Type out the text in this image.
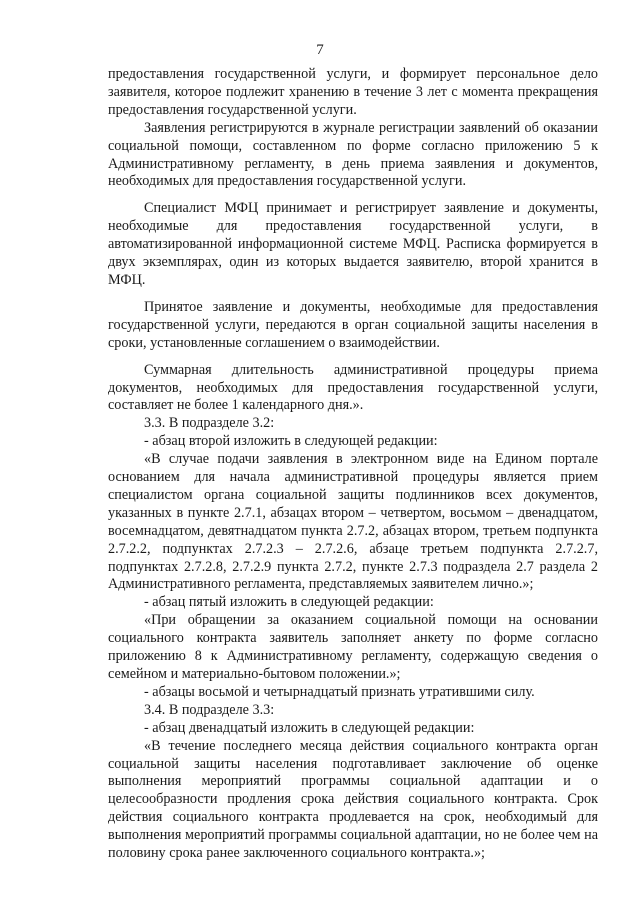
7

предоставления государственной услуги, и формирует персональное дело заявителя, которое подлежит хранению в течение 3 лет с момента прекращения предоставления государственной услуги.

Заявления регистрируются в журнале регистрации заявлений об оказании социальной помощи, составленном по форме согласно приложению 5 к Административному регламенту, в день приема заявления и документов, необходимых для предоставления государственной услуги.

Специалист МФЦ принимает и регистрирует заявление и документы, необходимые для предоставления государственной услуги, в автоматизированной информационной системе МФЦ. Расписка формируется в двух экземплярах, один из которых выдается заявителю, второй хранится в МФЦ.

Принятое заявление и документы, необходимые для предоставления государственной услуги, передаются в орган социальной защиты населения в сроки, установленные соглашением о взаимодействии.

Суммарная длительность административной процедуры приема документов, необходимых для предоставления государственной услуги, составляет не более 1 календарного дня.».

3.3. В подразделе 3.2:

- абзац второй изложить в следующей редакции:

«В случае подачи заявления в электронном виде на Едином портале основанием для начала административной процедуры является прием специалистом органа социальной защиты подлинников всех документов, указанных в пункте 2.7.1, абзацах втором – четвертом, восьмом – двенадцатом, восемнадцатом, девятнадцатом пункта 2.7.2, абзацах втором, третьем подпункта 2.7.2.2, подпунктах 2.7.2.3 – 2.7.2.6, абзаце третьем подпункта 2.7.2.7, подпунктах 2.7.2.8, 2.7.2.9 пункта 2.7.2, пункте 2.7.3 подраздела 2.7 раздела 2 Административного регламента, представляемых заявителем лично.»;

- абзац пятый изложить в следующей редакции:

«При обращении за оказанием социальной помощи на основании социального контракта заявитель заполняет анкету по форме согласно приложению 8 к Административному регламенту, содержащую сведения о семейном и материально-бытовом положении.»;

- абзацы восьмой и четырнадцатый признать утратившими силу.

3.4. В подразделе 3.3:

- абзац двенадцатый изложить в следующей редакции:

«В течение последнего месяца действия социального контракта орган социальной защиты населения подготавливает заключение об оценке выполнения мероприятий программы социальной адаптации и о целесообразности продления срока действия социального контракта. Срок действия социального контракта продлевается на срок, необходимый для выполнения мероприятий программы социальной адаптации, но не более чем на половину срока ранее заключенного социального контракта.»;
